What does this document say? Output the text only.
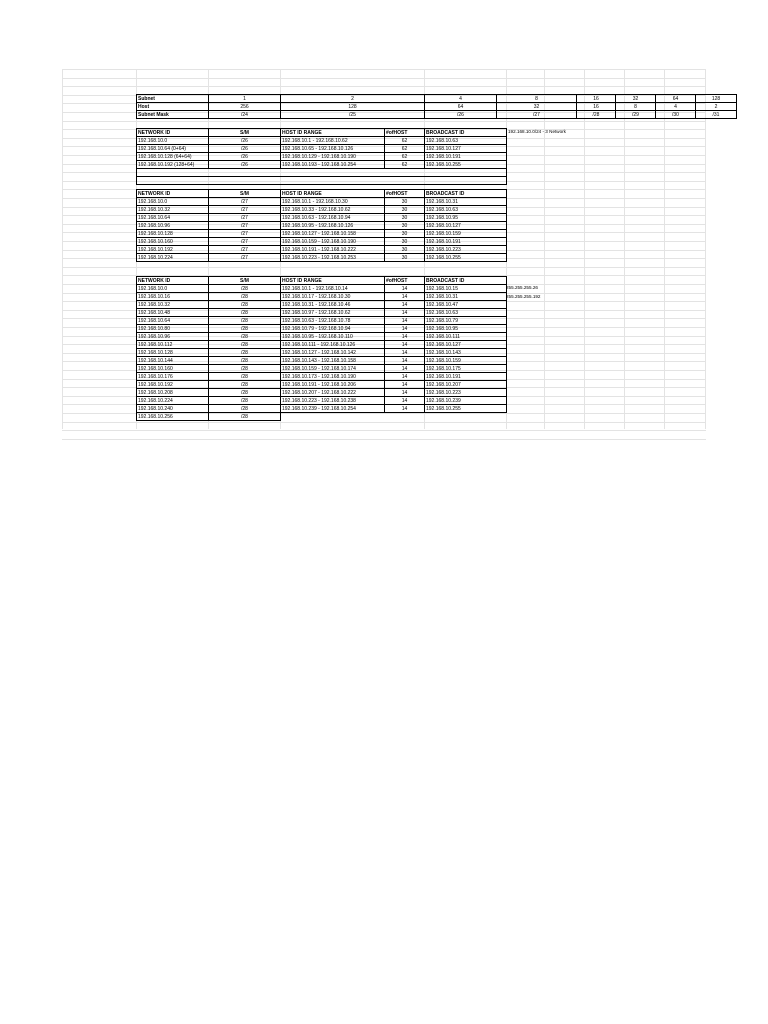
Subnet	1	2	4	8	16	32	64	128	
Host	256	128	64	32	16	8	4	2	
Subnet Mask	/24	/25	/26	/27	/28	/29	/30	/31	
NETWORK ID	S/M	HOST ID RANGE	#ofHOST	BROADCAST ID
192.168.10.0	/26	192.168.10.1 - 192.168.10.62	62	192.168.10.63
192.168.10.64 (0+64)	/26	192.168.10.65 - 192.168.10.126	62	192.168.10.127
192.168.10.128 (64+64)	/26	192.168.10.129 - 192.168.10.190	62	192.168.10.191
192.168.10.192 (128+64)	/26	192.168.10.193 - 192.168.10.254	62	192.168.10.255

192.168.10.0/24 - 3 Network
NETWORK ID	S/M	HOST ID RANGE	#ofHOST	BROADCAST ID
192.168.10.0	/27	192.168.10.1 - 192.168.10.30	30	192.168.10.31
192.168.10.32	/27	192.168.10.33 - 192.168.10.62	30	192.168.10.63
192.168.10.64	/27	192.168.10.63 - 192.168.10.94	30	192.168.10.95
192.168.10.96	/27	192.168.10.95 - 192.168.10.126	30	192.168.10.127
192.168.10.128	/27	192.168.10.127 - 192.168.10.158	30	192.168.10.159
192.168.10.160	/27	192.168.10.159 - 192.168.10.190	30	192.168.10.191
192.168.10.192	/27	192.168.10.191 - 192.168.10.222	30	192.168.10.223
192.168.10.224	/27	192.168.10.223 - 192.168.10.253	30	192.168.10.255
NETWORK ID	S/M	HOST ID RANGE	#ofHOST	BROADCAST ID
192.168.10.0	/28	192.168.10.1 - 192.168.10.14	14	192.168.10.15
192.168.10.16	/28	192.168.10.17 - 192.168.10.30	14	192.168.10.31
192.168.10.32	/28	192.168.10.31 - 192.168.10.46	14	192.168.10.47
192.168.10.48	/28	192.168.10.97 - 192.168.10.62	14	192.168.10.63
192.168.10.64	/28	192.168.10.63 - 192.168.10.78	14	192.168.10.79
192.168.10.80	/28	192.168.10.79 - 192.168.10.94	14	192.168.10.95
192.168.10.96	/28	192.168.10.95 - 192.168.10.110	14	192.168.10.111
192.168.10.112	/28	192.168.10.111 - 192.168.10.126	14	192.168.10.127
192.168.10.128	/28	192.168.10.127 - 192.168.10.142	14	192.168.10.143
192.168.10.144	/28	192.168.10.143 - 192.168.10.158	14	192.168.10.159
192.168.10.160	/28	192.168.10.159 - 192.168.10.174	14	192.168.10.175
192.168.10.176	/28	192.168.10.173 - 192.168.10.190	14	192.168.10.191
192.168.10.192	/28	192.168.10.191 - 192.168.10.206	14	192.168.10.207
192.168.10.208	/28	192.168.10.207 - 192.168.10.222	14	192.168.10.223
192.168.10.224	/28	192.168.10.223 - 192.168.10.238	14	192.168.10.239
192.168.10.240	/28	192.168.10.239 - 192.168.10.254	14	192.168.10.255
192.168.10.256	/28			
255.255.255.26
255.255.255.192
